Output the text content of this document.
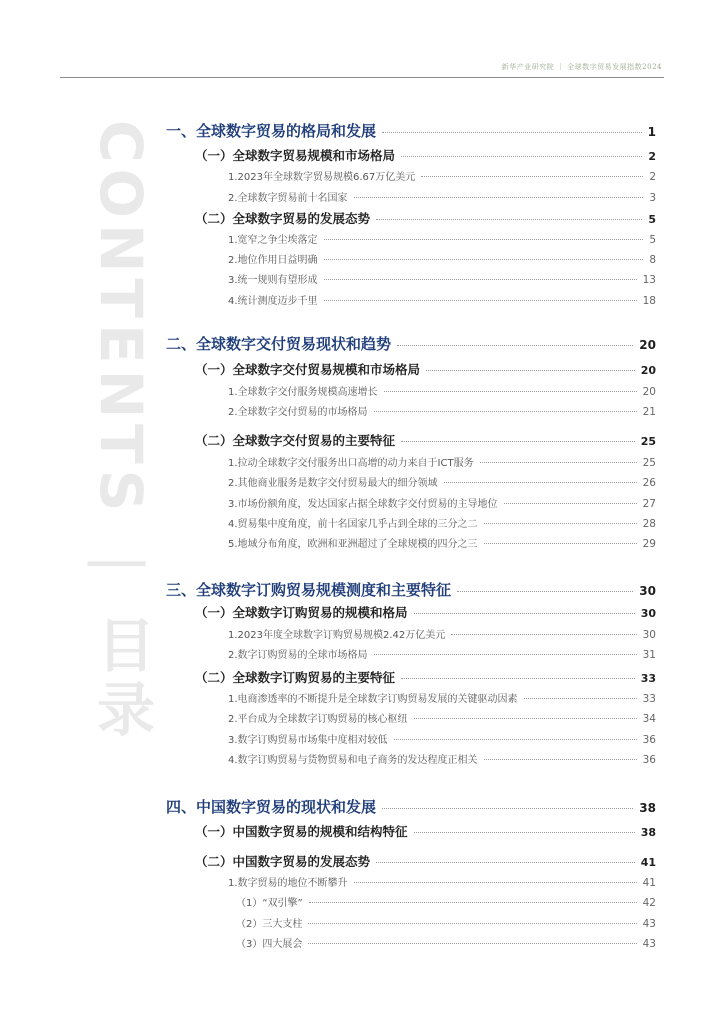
新华产业研究院 ｜ 全球数字贸易发展指数2024
CONTENTS | 目录
一、全球数字贸易的格局和发展	1
（一）全球数字贸易规模和市场格局	2
1.2023年全球数字贸易规模6.67万亿美元	2
2.全球数字贸易前十名国家	3
（二）全球数字贸易的发展态势	5
1.宽窄之争尘埃落定	5
2.地位作用日益明确	8
3.统一规则有望形成	13
4.统计测度迈步千里	18
二、全球数字交付贸易现状和趋势	20
（一）全球数字交付贸易规模和市场格局	20
1.全球数字交付服务规模高速增长	20
2.全球数字交付贸易的市场格局	21
（二）全球数字交付贸易的主要特征	25
1.拉动全球数字交付服务出口高增的动力来自于ICT服务	25
2.其他商业服务是数字交付贸易最大的细分领域	26
3.市场份额角度，发达国家占据全球数字交付贸易的主导地位	27
4.贸易集中度角度，前十名国家几乎占到全球的三分之二	28
5.地域分布角度，欧洲和亚洲超过了全球规模的四分之三	29
三、全球数字订购贸易规模测度和主要特征	30
（一）全球数字订购贸易的规模和格局	30
1.2023年度全球数字订购贸易规模2.42万亿美元	30
2.数字订购贸易的全球市场格局	31
（二）全球数字订购贸易的主要特征	33
1.电商渗透率的不断提升是全球数字订购贸易发展的关键驱动因素	33
2.平台成为全球数字订购贸易的核心枢纽	34
3.数字订购贸易市场集中度相对较低	36
4.数字订购贸易与货物贸易和电子商务的发达程度正相关	36
四、中国数字贸易的现状和发展	38
（一）中国数字贸易的规模和结构特征	38
（二）中国数字贸易的发展态势	41
1.数字贸易的地位不断攀升	41
（1）“双引擎”	42
（2）三大支柱	43
（3）四大展会	43
